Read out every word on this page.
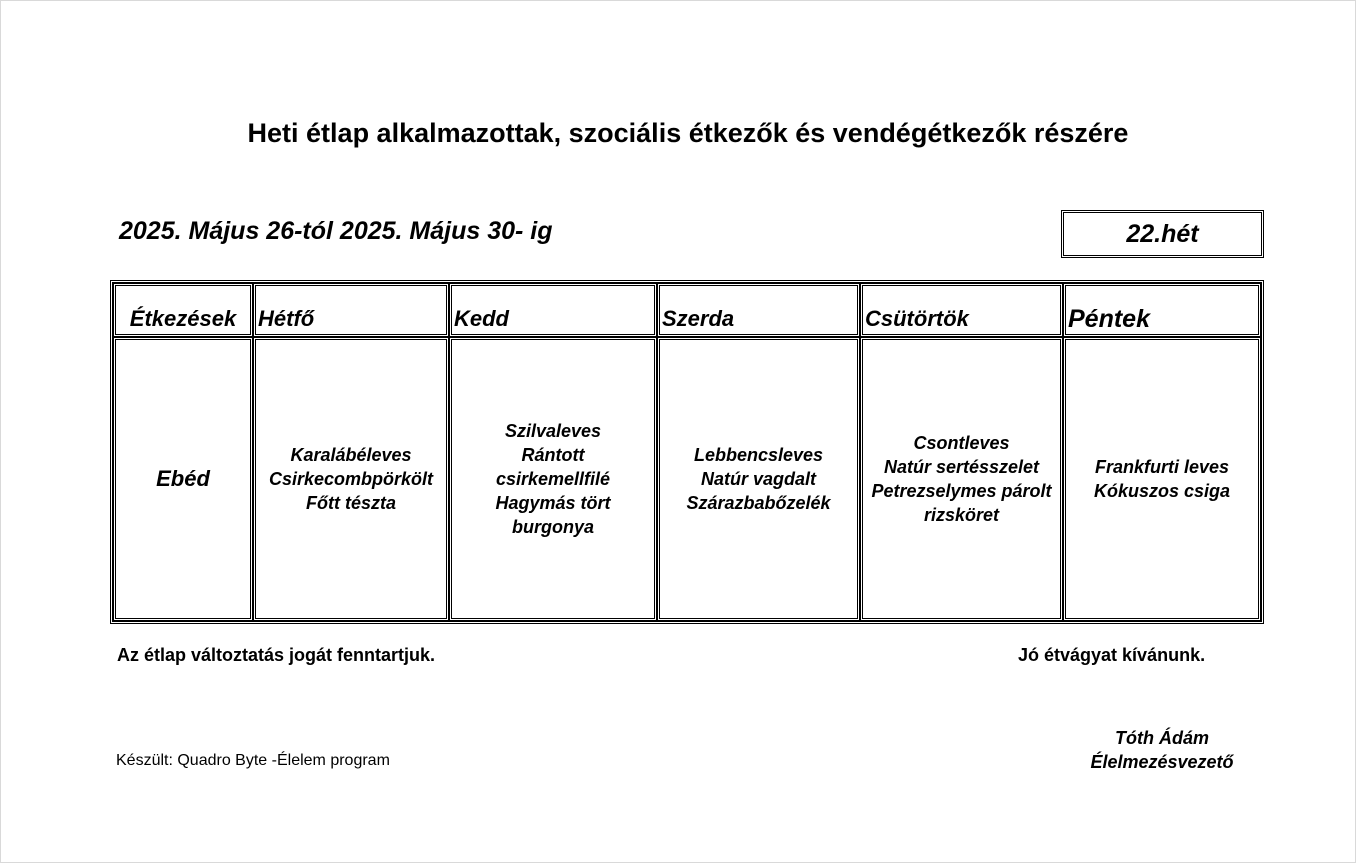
Heti étlap alkalmazottak, szociális étkezők és vendégétkezők részére
2025. Május 26-tól 2025. Május 30- ig	22.hét
Étkezések	Hétfő	Kedd	Szerda	Csütörtök	Péntek
Ebéd	Karalábéleves
Csirkecombpörkölt
Főtt tészta	Szilvaleves
Rántott
csirkemellfilé
Hagymás tört
burgonya	Lebbencsleves
Natúr vagdalt
Szárazbabőzelék	Csontleves
Natúr sertésszelet
Petrezselymes párolt
rizsköret	Frankfurti leves
Kókuszos csiga
Az étlap változtatás jogát fenntartjuk.	Jó étvágyat kívánunk.
Készült: Quadro Byte -Élelem program
Tóth Ádám
Élelmezésvezető
